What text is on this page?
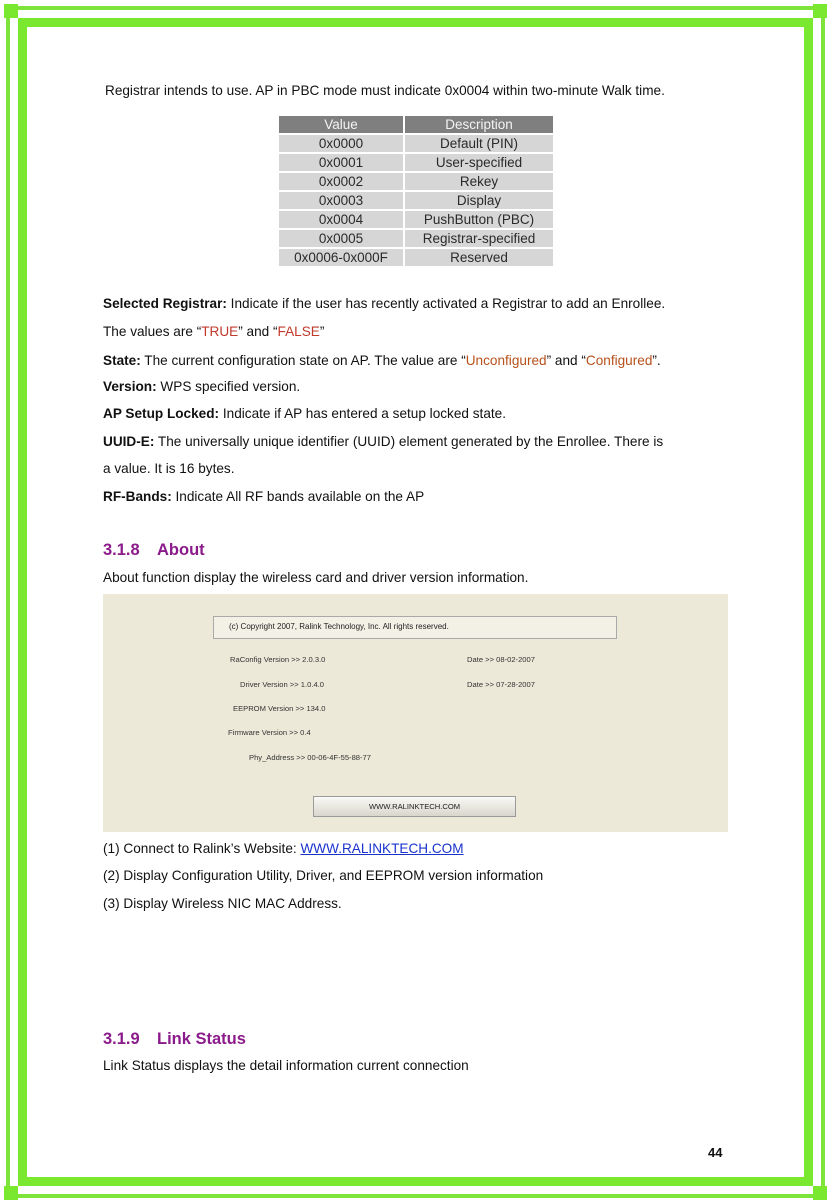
Registrar intends to use. AP in PBC mode must indicate 0x0004 within two-minute Walk time.
Value	Description
0x0000	Default (PIN)
0x0001	User-specified
0x0002	Rekey
0x0003	Display
0x0004	PushButton (PBC)
0x0005	Registrar-specified
0x0006-0x000F	Reserved
Selected Registrar: Indicate if the user has recently activated a Registrar to add an Enrollee.
The values are “TRUE” and “FALSE”
State: The current configuration state on AP. The value are “Unconfigured” and “Configured”.
Version: WPS specified version.
AP Setup Locked: Indicate if AP has entered a setup locked state.
UUID-E: The universally unique identifier (UUID) element generated by the Enrollee. There is
a value. It is 16 bytes.
RF-Bands: Indicate All RF bands available on the AP
3.1.8 About
About function display the wireless card and driver version information.
(c) Copyright 2007, Ralink Technology, Inc. All rights reserved.
RaConfig Version >> 2.0.3.0	Date >> 08-02-2007
Driver Version >> 1.0.4.0	Date >> 07-28-2007
EEPROM Version >> 134.0
Firmware Version >> 0.4
Phy_Address >> 00-06-4F-55-88-77
WWW.RALINKTECH.COM
(1) Connect to Ralink’s Website: WWW.RALINKTECH.COM
(2) Display Configuration Utility, Driver, and EEPROM version information
(3) Display Wireless NIC MAC Address.
3.1.9 Link Status
Link Status displays the detail information current connection
44
